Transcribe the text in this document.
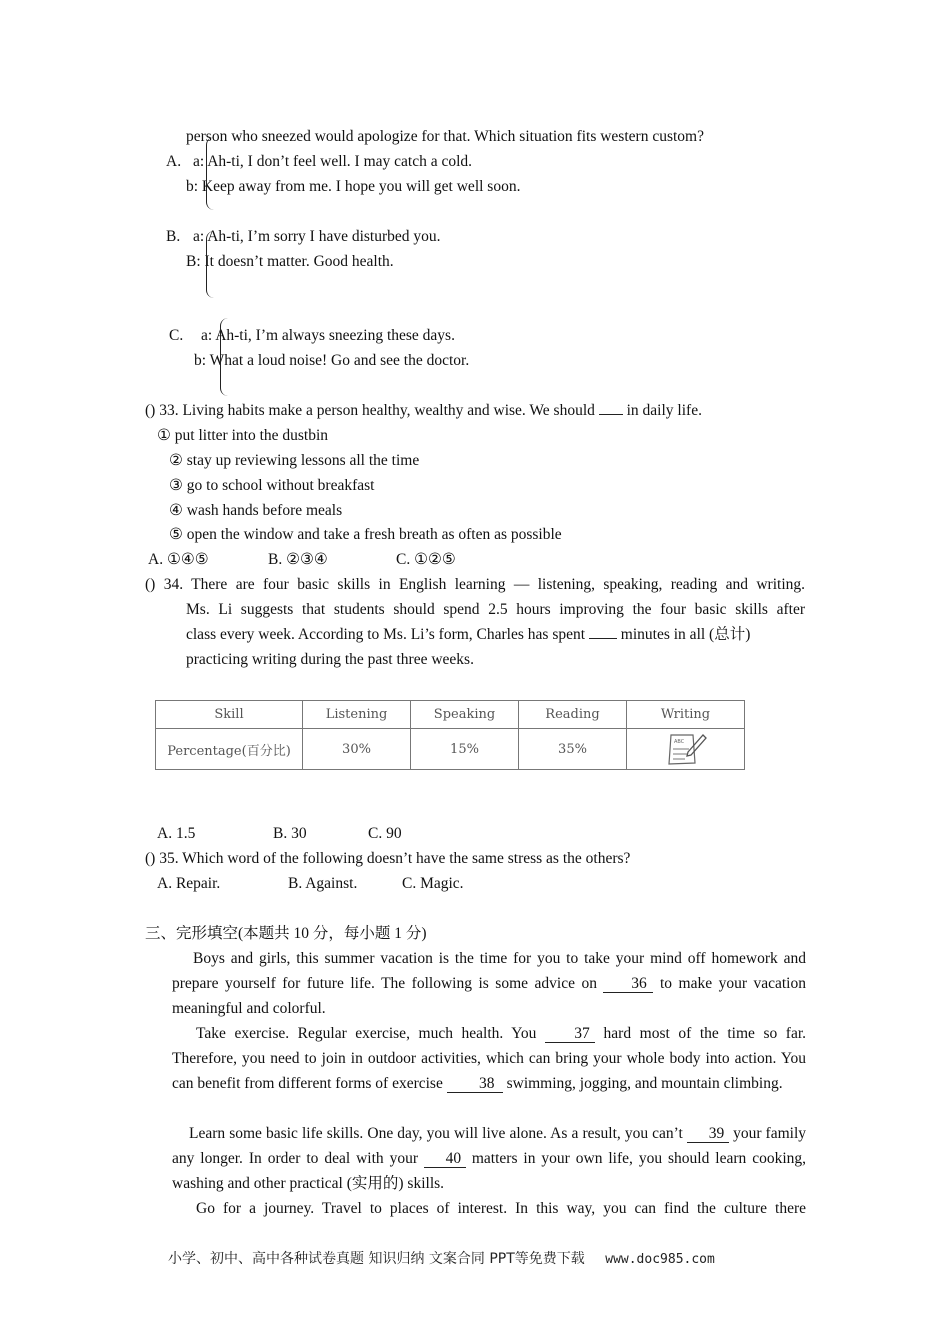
person who sneezed would apologize for that. Which situation fits western custom?
A. a: Ah-ti, I don’t feel well. I may catch a cold.
b: Keep away from me. I hope you will get well soon.
B. a: Ah-ti, I’m sorry I have disturbed you.
B: It doesn’t matter. Good health.
C. a: Ah-ti, I’m always sneezing these days.
b: What a loud noise! Go and see the doctor.
() 33. Living habits make a person healthy, wealthy and wise. We should in daily life.
① put litter into the dustbin
② stay up reviewing lessons all the time
③ go to school without breakfast
④ wash hands before meals
⑤ open the window and take a fresh breath as often as possible
A. ①④⑤	B. ②③④	C. ①②⑤
() 34. There are four basic skills in English learning — listening, speaking, reading and writing.
Ms. Li suggests that students should spend 2.5 hours improving the four basic skills after
class every week. According to Ms. Li’s form, Charles has spent minutes in all (总计)
practicing writing during the past three weeks.
Skill	Listening	Speaking	Reading	Writing
Percentage(百分比)	30%	15%	35%	ABC
A. 1.5	B. 30	C. 90
() 35. Which word of the following doesn’t have the same stress as the others?
A. Repair.	B. Against.	C. Magic.
三、完形填空(本题共 10 分，每小题 1 分)
Boys and girls, this summer vacation is the time for you to take your mind off homework and prepare yourself for future life. The following is some advice on 36 to make your vacation meaningful and colorful.
Take exercise. Regular exercise, much health. You 37 hard most of the time so far. Therefore, you need to join in outdoor activities, which can bring your whole body into action. You can benefit from different forms of exercise 38 swimming, jogging, and mountain climbing.
Learn some basic life skills. One day, you will live alone. As a result, you can’t 39 your family any longer. In order to deal with your 40 matters in your own life, you should learn cooking, washing and other practical (实用的) skills.
Go for a journey. Travel to places of interest. In this way, you can find the culture there
小学、初中、高中各种试卷真题 知识归纳 文案合同 PPT等免费下载 www.doc985.com
